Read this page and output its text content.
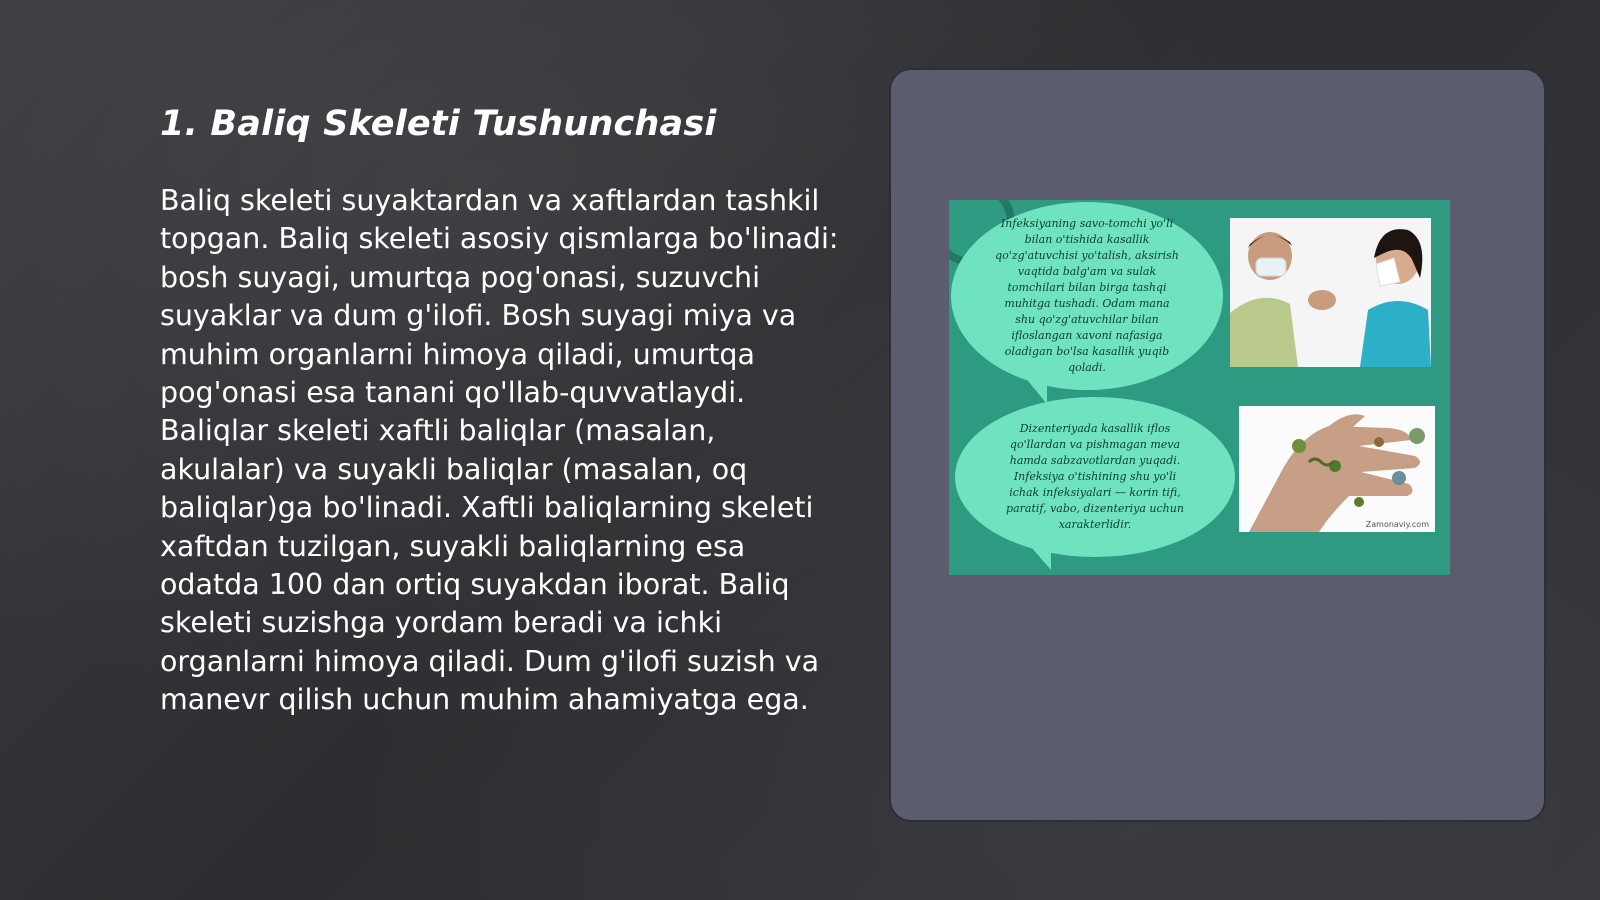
1. Baliq Skeleti Tushunchasi

Baliq skeleti suyaktardan va xaftlardan tashkil topgan. Baliq skeleti asosiy qismlarga bo'linadi: bosh suyagi, umurtqa pog'onasi, suzuvchi suyaklar va dum g'ilofi. Bosh suyagi miya va muhim organlarni himoya qiladi, umurtqa pog'onasi esa tanani qo'llab-quvvatlaydi. Baliqlar skeleti xaftli baliqlar (masalan, akulalar) va suyakli baliqlar (masalan, oq baliqlar)ga bo'linadi. Xaftli baliqlarning skeleti xaftdan tuzilgan, suyakli baliqlarning esa odatda 100 dan ortiq suyakdan iborat. Baliq skeleti suzishga yordam beradi va ichki organlarni himoya qiladi. Dum g'ilofi suzish va manevr qilish uchun muhim ahamiyatga ega.

Infeksiyaning savo-tomchi yo'li bilan o'tishida kasallik qo'zg'atuvchisi yo'talish, aksirish vaqtida balg'am va sulak tomchilari bilan birga tashqi muhitga tushadi. Odam mana shu qo'zg'atuvchilar bilan ifloslangan xavoni nafasiga oladigan bo'lsa kasallik yuqib qoladi.
Dizenteriyada kasallik iflos qo'llardan va pishmagan meva hamda sabzavotlardan yuqadi. Infeksiya o'tishining shu yo'li ichak infeksiyalari — korin tifi, paratif, vabo, dizenteriya uchun xarakterlidir.	Zamonaviy.com
